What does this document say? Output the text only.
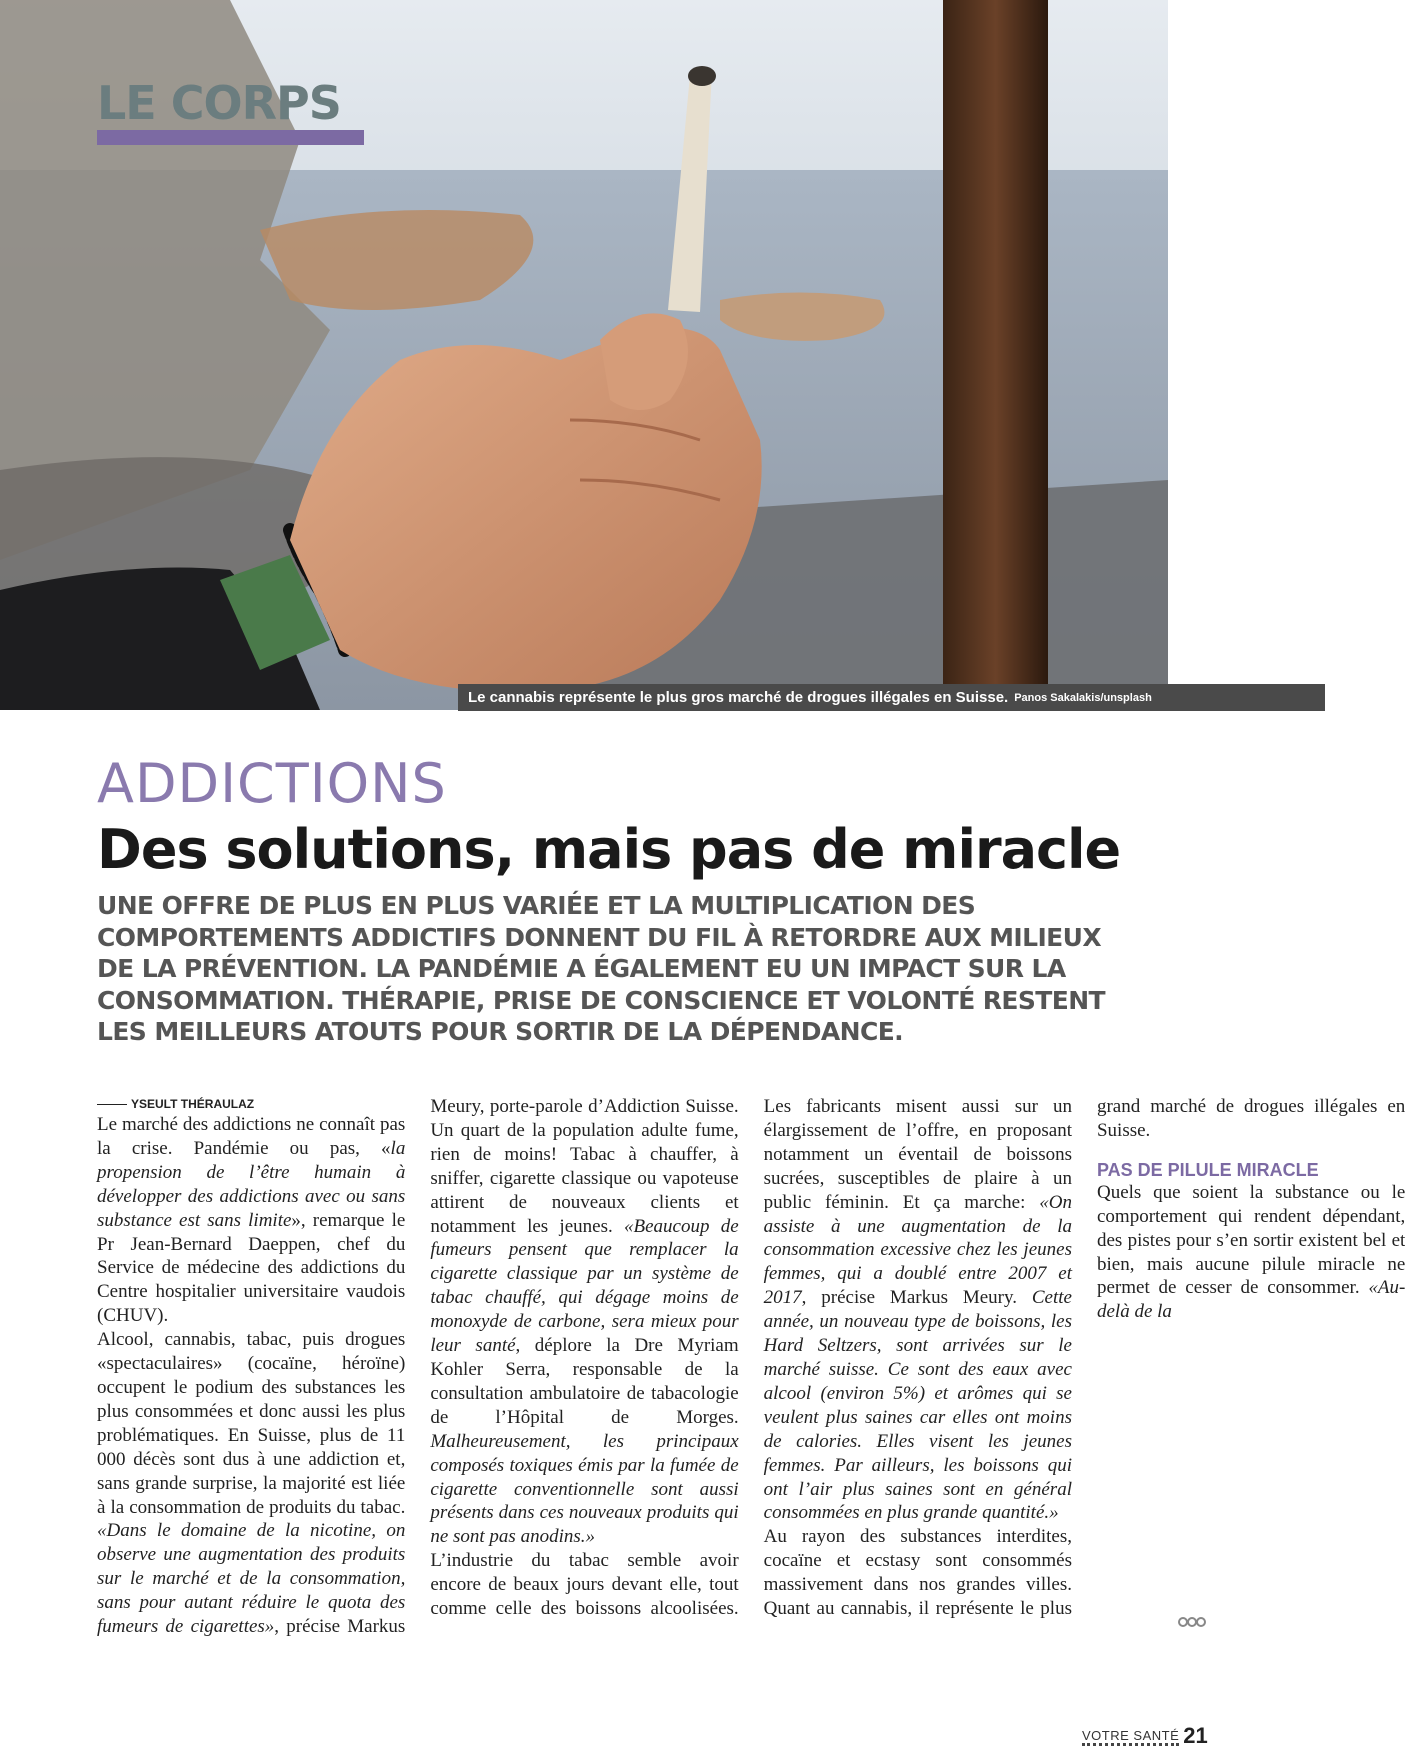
LE CORPS
Le cannabis représente le plus gros marché de drogues illégales en Suisse. Panos Sakalakis/unsplash
ADDICTIONS
Des solutions, mais pas de miracle

UNE OFFRE DE PLUS EN PLUS VARIÉE ET LA MULTIPLICATION DES COMPORTEMENTS ADDICTIFS DONNENT DU FIL À RETORDRE AUX MILIEUX DE LA PRÉVENTION. LA PANDÉMIE A ÉGALEMENT EU UN IMPACT SUR LA CONSOMMATION. THÉRAPIE, PRISE DE CONSCIENCE ET VOLONTÉ RESTENT LES MEILLEURS ATOUTS POUR SORTIR DE LA DÉPENDANCE.

VOTRE SANTÉ 21

YSEULT THÉRAULAZ

Le marché des addictions ne connaît pas la crise. Pandémie ou pas, «la propension de l’être humain à développer des addictions avec ou sans substance est sans limite», remarque le Pr Jean-Bernard Daeppen, chef du Service de médecine des addictions du Centre hospitalier universitaire vaudois (CHUV).

Alcool, cannabis, tabac, puis drogues «spectaculaires» (cocaïne, héroïne) occupent le podium des substances les plus consommées et donc aussi les plus problématiques. En Suisse, plus de 11 000 décès sont dus à une addiction et, sans grande surprise, la majorité est liée à la consommation de produits du tabac. «Dans le domaine de la nicotine, on observe une augmentation des produits sur le marché et de la consommation, sans pour autant réduire le quota des fumeurs de cigarettes», précise Markus Meury, porte-parole d’Addiction Suisse. Un quart de la population adulte fume, rien de moins! Tabac à chauffer, à sniffer, cigarette classique ou vapoteuse attirent de nouveaux clients et notamment les jeunes. «Beaucoup de fumeurs pensent que remplacer la cigarette classique par un système de tabac chauffé, qui dégage moins de monoxyde de carbone, sera mieux pour leur santé, déplore la Dre Myriam Kohler Serra, responsable de la consultation ambulatoire de tabacologie de l’Hôpital de Morges. Malheureusement, les principaux composés toxiques émis par la fumée de cigarette conventionnelle sont aussi présents dans ces nouveaux produits qui ne sont pas anodins.»

L’industrie du tabac semble avoir encore de beaux jours devant elle, tout comme celle des boissons alcoolisées. Les fabricants misent aussi sur un élargissement de l’offre, en proposant notamment un éventail de boissons sucrées, susceptibles de plaire à un public féminin. Et ça marche: «On assiste à une augmentation de la consommation excessive chez les jeunes femmes, qui a doublé entre 2007 et 2017, précise Markus Meury. Cette année, un nouveau type de boissons, les Hard Seltzers, sont arrivées sur le marché suisse. Ce sont des eaux avec alcool (environ 5%) et arômes qui se veulent plus saines car elles ont moins de calories. Elles visent les jeunes femmes. Par ailleurs, les boissons qui ont l’air plus saines sont en général consommées en plus grande quantité.»

Au rayon des substances interdites, cocaïne et ecstasy sont consommés massivement dans nos grandes villes. Quant au cannabis, il représente le plus grand marché de drogues illégales en Suisse.

PAS DE PILULE MIRACLE

Quels que soient la substance ou le comportement qui rendent dépendant, des pistes pour s’en sortir existent bel et bien, mais aucune pilule miracle ne permet de cesser de consommer. «Au-delà de la
